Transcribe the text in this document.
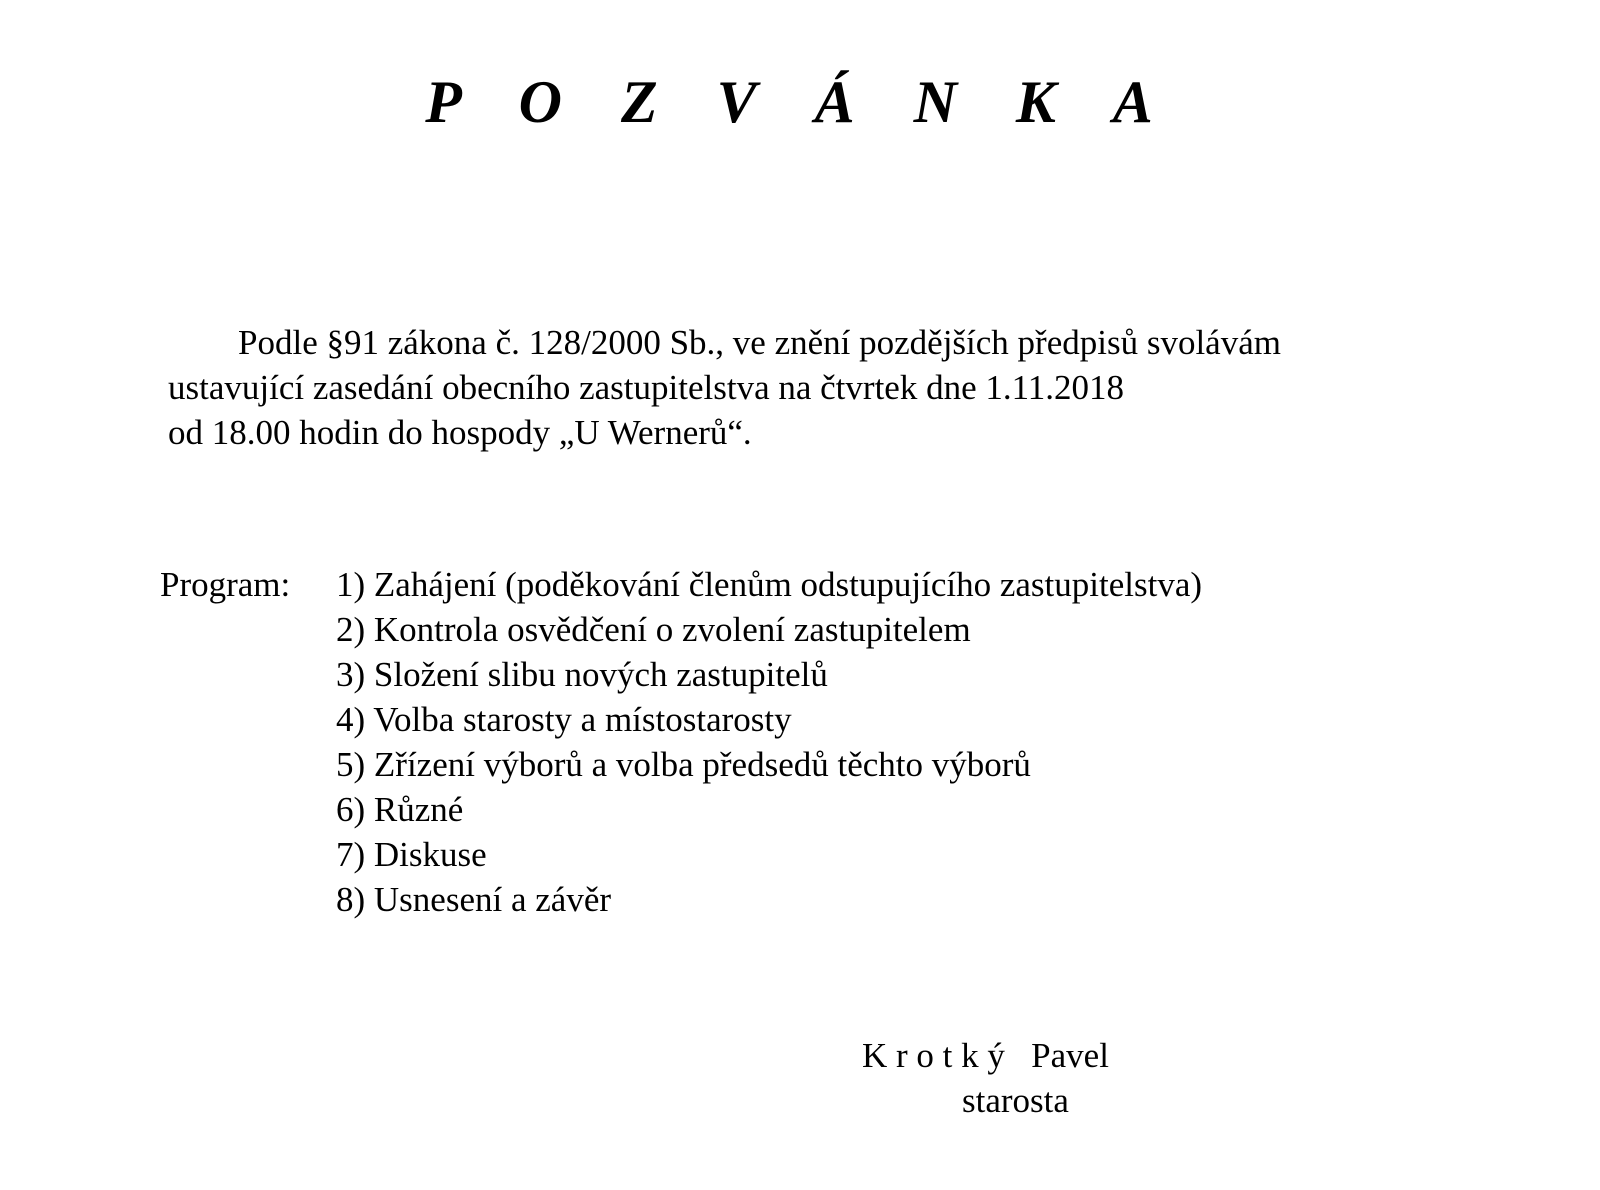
P O Z V Á N K A
Podle §91 zákona č. 128/2000 Sb., ve znění pozdějších předpisů svolávám
ustavující zasedání obecního zastupitelstva na čtvrtek dne 1.11.2018
od 18.00 hodin do hospody „U Wernerů“.
Program: 1) Zahájení (poděkování členům odstupujícího zastupitelstva)
2) Kontrola osvědčení o zvolení zastupitelem
3) Složení slibu nových zastupitelů
4) Volba starosty a místostarosty
5) Zřízení výborů a volba předsedů těchto výborů
6) Různé
7) Diskuse
8) Usnesení a závěr
K r o t k ý   Pavel
starosta
